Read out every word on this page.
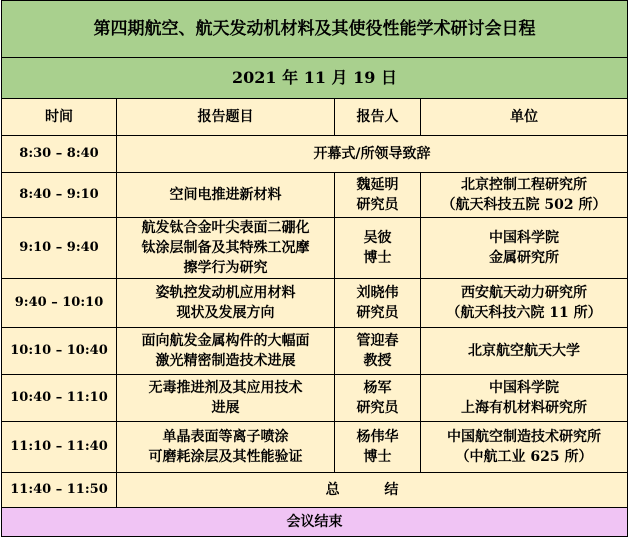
第四期航空、航天发动机材料及其使役性能学术研讨会日程			
2021 年 11 月 19 日			
时间	报告题目	报告人	单位
8:30 – 8:40	开幕式/所领导致辞		
8:40 – 9:10	空间电推进新材料	魏延明
研究员	北京控制工程研究所
（航天科技五院 502 所）

9:10 – 9:40	航发钛合金叶尖表面二硼化
钛涂层制备及其特殊工况摩
擦学行为研究	吴彼
博士	中国科学院
金属研究所

9:40 – 10:10	姿轨控发动机应用材料
现状及发展方向	刘晓伟
研究员	西安航天动力研究所
（航天科技六院 11 所）

10:10 – 10:40	面向航发金属构件的大幅面
激光精密制造技术进展	管迎春
教授	北京航空航天大学

10:40 – 11:10	无毒推进剂及其应用技术
进展	杨军
研究员	中国科学院
上海有机材料研究所

11:10 – 11:40	单晶表面等离子喷涂
可磨耗涂层及其性能验证	杨伟华
博士	中国航空制造技术研究所
（中航工业 625 所）

11:40 – 11:50	总 结		
会议结束			
